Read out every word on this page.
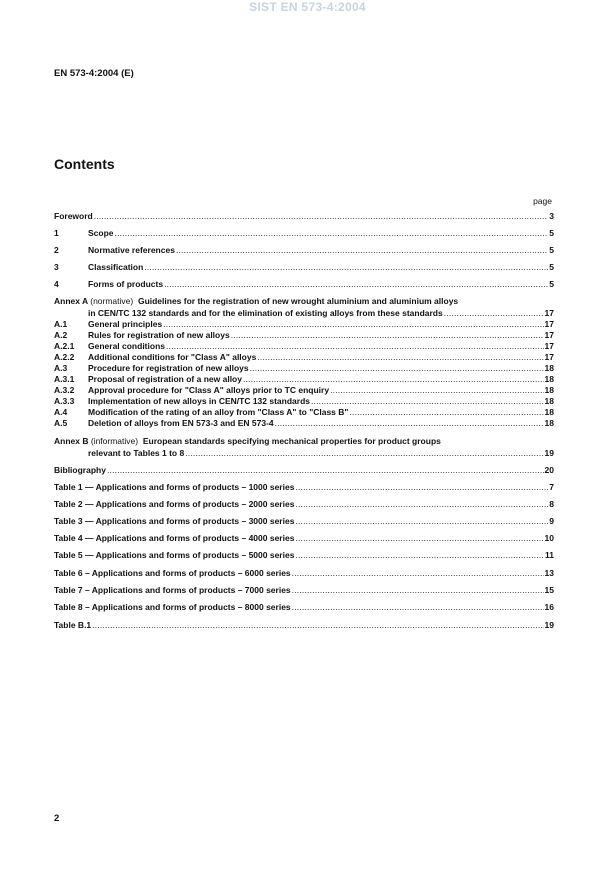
SIST EN 573-4:2004
EN 573-4:2004 (E)
Contents
page
Foreword .....	3
1	Scope .....	5
2	Normative references .....	5
3	Classification .....	5
4	Forms of products .....	5
Annex A (normative) Guidelines for the registration of new wrought aluminium and aluminium alloys
in CEN/TC 132 standards and for the elimination of existing alloys from these standards .....	17
A.1	General principles .....	17
A.2	Rules for registration of new alloys .....	17
A.2.1	General conditions .....	17
A.2.2	Additional conditions for "Class A" alloys .....	17
A.3	Procedure for registration of new alloys .....	18
A.3.1	Proposal of registration of a new alloy .....	18
A.3.2	Approval procedure for "Class A" alloys prior to TC enquiry .....	18
A.3.3	Implementation of new alloys in CEN/TC 132 standards .....	18
A.4	Modification of the rating of an alloy from "Class A" to "Class B" .....	18
A.5	Deletion of alloys from EN 573-3 and EN 573-4 .....	18
Annex B (informative) European standards specifying mechanical properties for product groups
relevant to Tables 1 to 8 .....	19
Bibliography .....	20
Table 1 — Applications and forms of products – 1000 series .....	7
Table 2 — Applications and forms of products – 2000 series .....	8
Table 3 — Applications and forms of products – 3000 series .....	9
Table 4 — Applications and forms of products – 4000 series .....	10
Table 5 — Applications and forms of products – 5000 series .....	11
Table 6 – Applications and forms of products – 6000 series .....	13
Table 7 – Applications and forms of products – 7000 series .....	15
Table 8 – Applications and forms of products – 8000 series .....	16
Table B.1 .....	19
2
